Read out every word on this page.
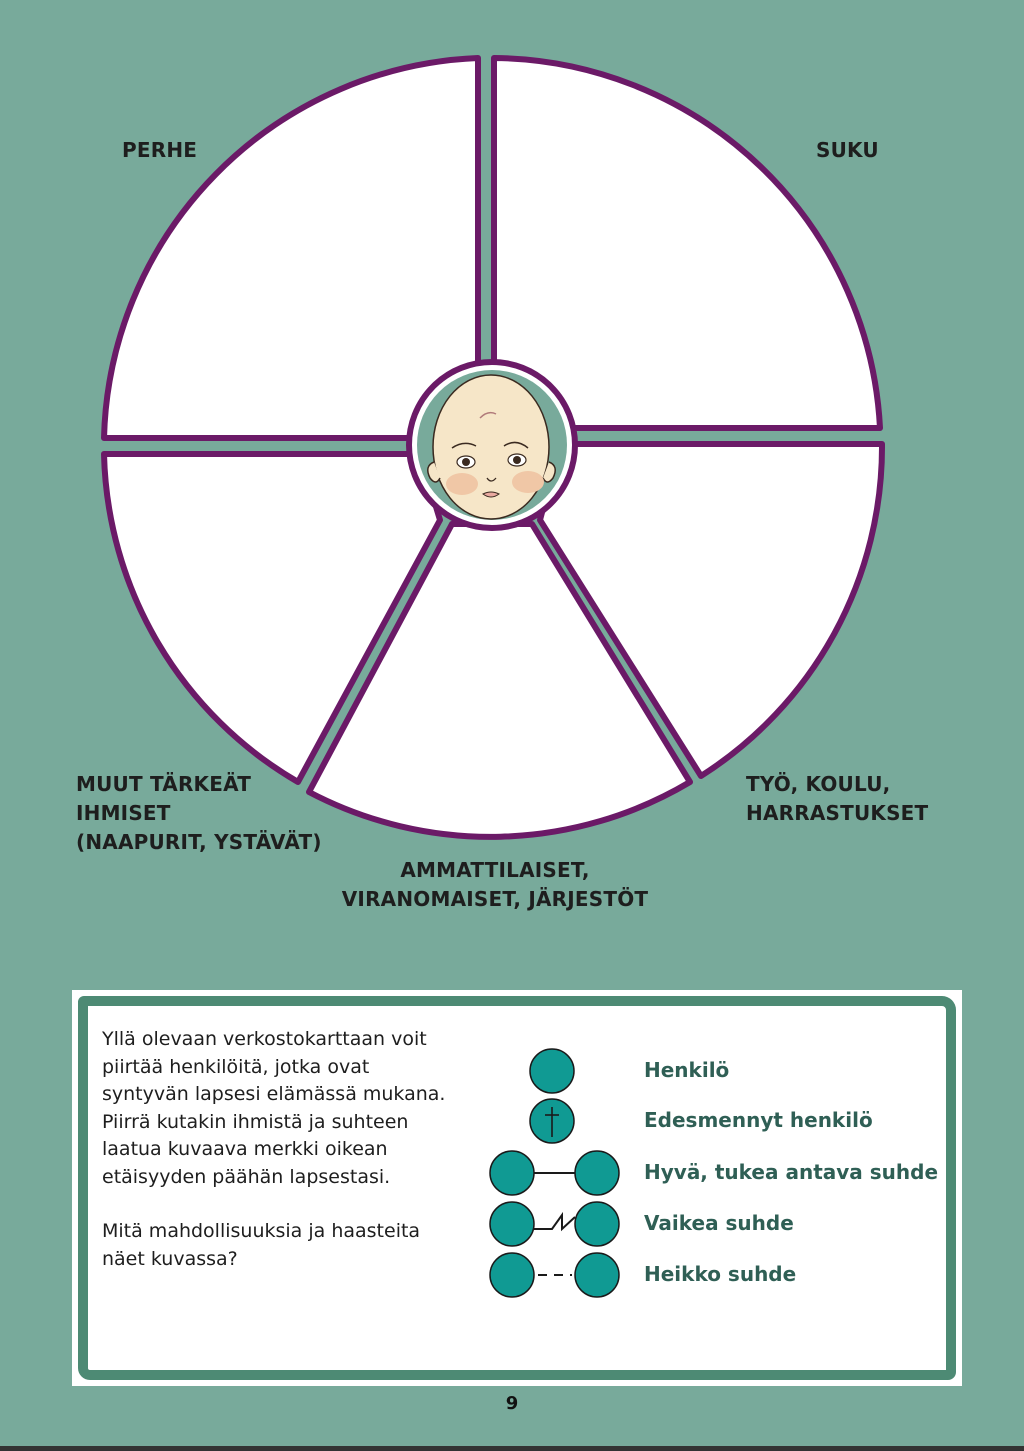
PERHE	SUKU
MUUT TÄRKEÄT
IHMISET
(NAAPURIT, YSTÄVÄT)
TYÖ, KOULU,
HARRASTUKSET
AMMATTILAISET,
VIRANOMAISET, JÄRJESTÖT

Yllä olevaan verkostokarttaan voit piirtää henkilöitä, jotka ovat syntyvän lapsesi elämässä mukana. Piirrä kutakin ihmistä ja suhteen laatua kuvaava merkki oikean etäisyyden päähän lapsestasi.

Mitä mahdollisuuksia ja haasteita näet kuvassa?

Henkilö
Edesmennyt henkilö
Hyvä, tukea antava suhde
Vaikea suhde
Heikko suhde
9
